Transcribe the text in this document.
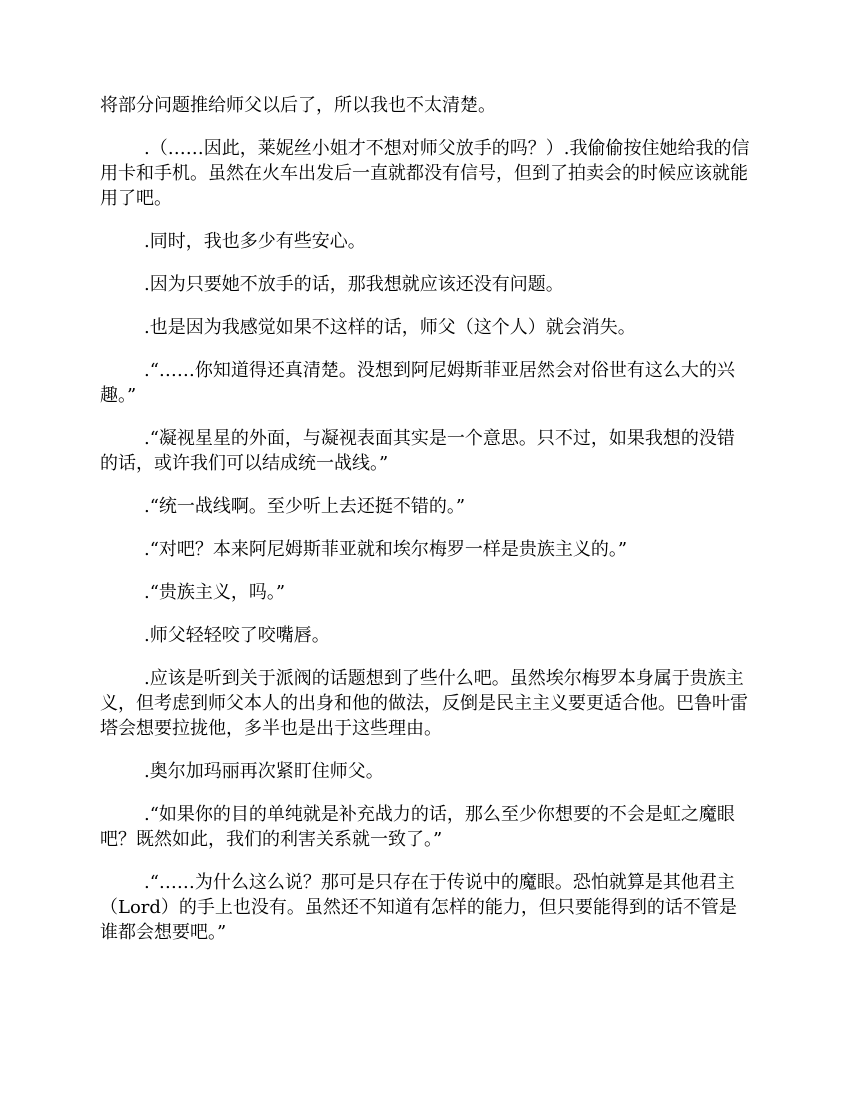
将部分问题推给师父以后了，所以我也不太清楚。

.（……因此，莱妮丝小姐才不想对师父放手的吗？）.我偷偷按住她给我的信用卡和手机。虽然在火车出发后一直就都没有信号，但到了拍卖会的时候应该就能用了吧。

.同时，我也多少有些安心。

.因为只要她不放手的话，那我想就应该还没有问题。

.也是因为我感觉如果不这样的话，师父（这个人）就会消失。

.“……你知道得还真清楚。没想到阿尼姆斯菲亚居然会对俗世有这么大的兴趣。”

.“凝视星星的外面，与凝视表面其实是一个意思。只不过，如果我想的没错的话，或许我们可以结成统一战线。”

.“统一战线啊。至少听上去还挺不错的。”

.“对吧？本来阿尼姆斯菲亚就和埃尔梅罗一样是贵族主义的。”

.“贵族主义，吗。”

.师父轻轻咬了咬嘴唇。

.应该是听到关于派阀的话题想到了些什么吧。虽然埃尔梅罗本身属于贵族主义，但考虑到师父本人的出身和他的做法，反倒是民主主义要更适合他。巴鲁叶雷塔会想要拉拢他，多半也是出于这些理由。

.奥尔加玛丽再次紧盯住师父。

.“如果你的目的单纯就是补充战力的话，那么至少你想要的不会是虹之魔眼吧？既然如此，我们的利害关系就一致了。”

.“……为什么这么说？那可是只存在于传说中的魔眼。恐怕就算是其他君主（Lord）的手上也没有。虽然还不知道有怎样的能力，但只要能得到的话不管是谁都会想要吧。”
